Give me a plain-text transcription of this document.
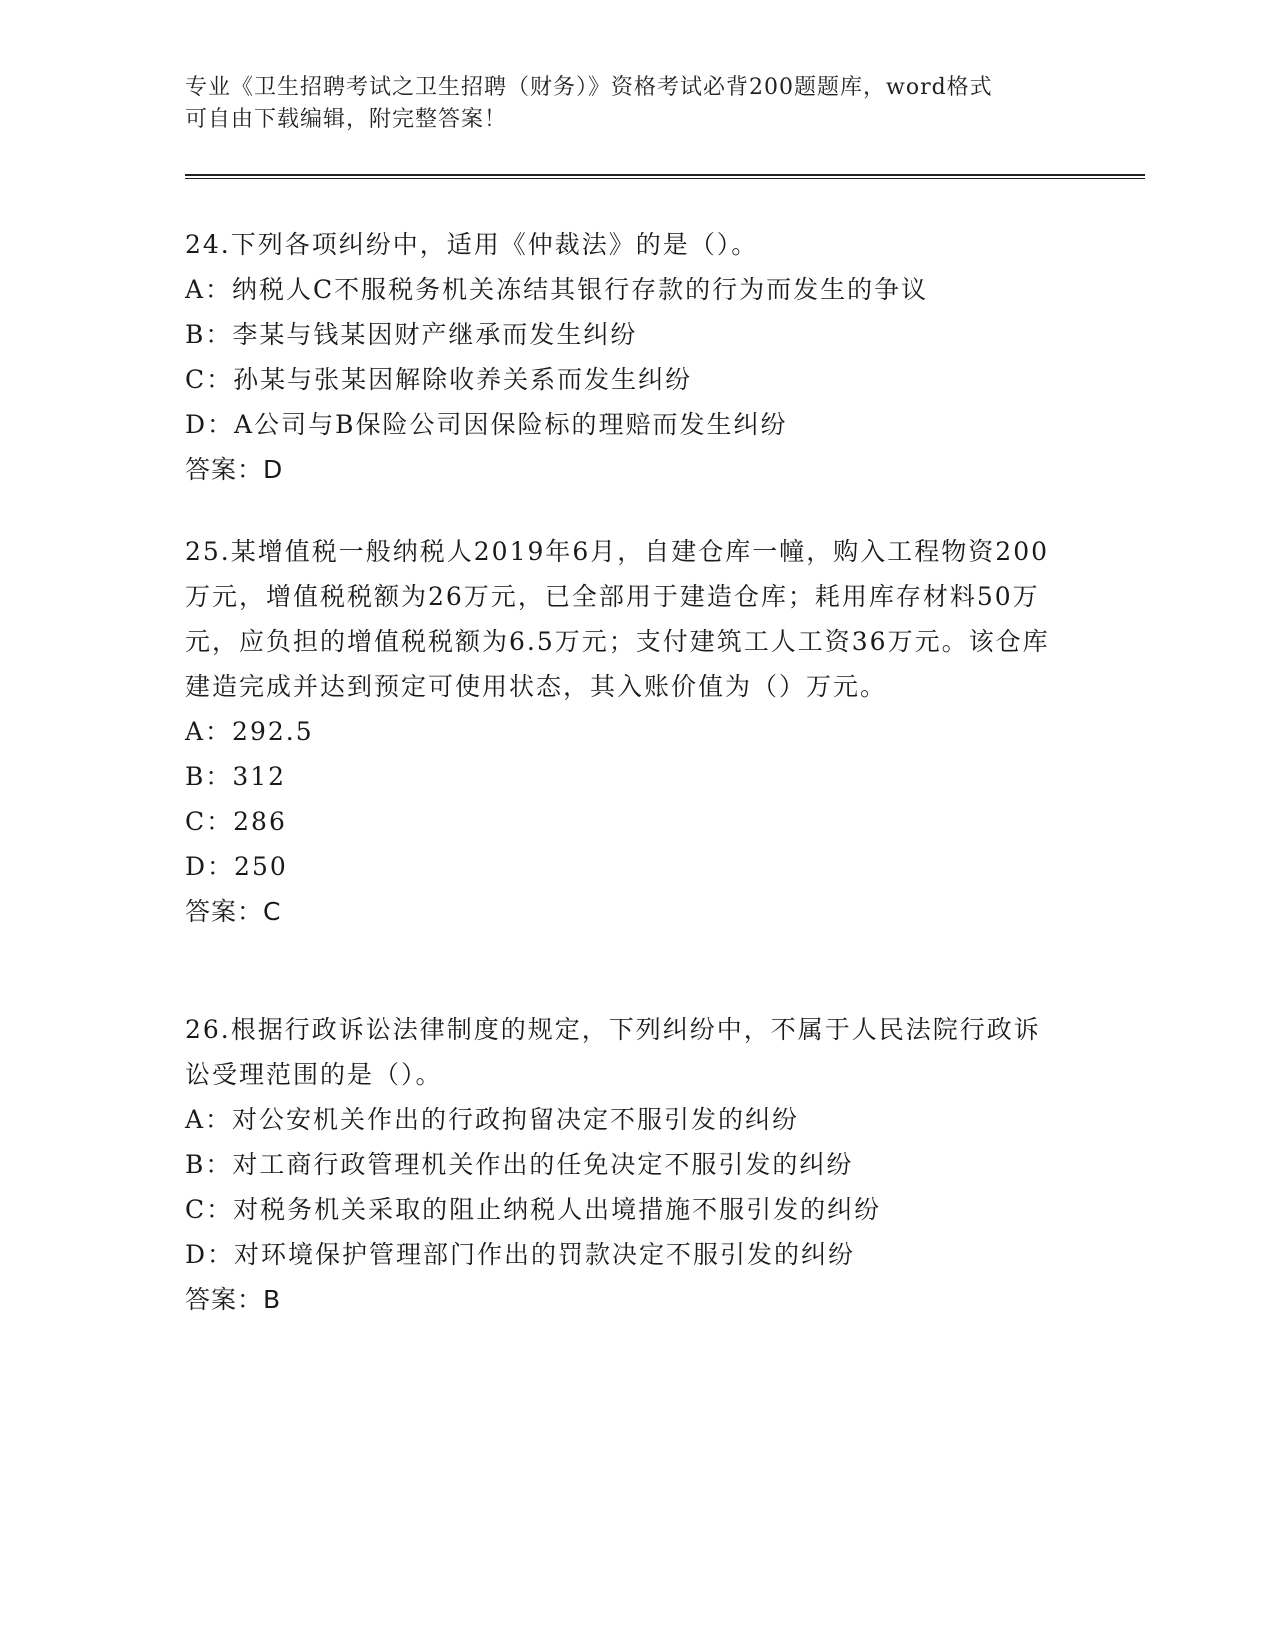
专业《卫生招聘考试之卫生招聘（财务）》资格考试必背200题题库，word格式
可自由下载编辑，附完整答案！

24.下列各项纠纷中，适用《仲裁法》的是（）。

A：纳税人C不服税务机关冻结其银行存款的行为而发生的争议

B：李某与钱某因财产继承而发生纠纷

C：孙某与张某因解除收养关系而发生纠纷

D：A公司与B保险公司因保险标的理赔而发生纠纷

答案：D

25.某增值税一般纳税人2019年6月，自建仓库一幢，购入工程物资200万元，增值税税额为26万元，已全部用于建造仓库；耗用库存材料50万元，应负担的增值税税额为6.5万元；支付建筑工人工资36万元。该仓库建造完成并达到预定可使用状态，其入账价值为（）万元。

A：292.5

B：312

C：286

D：250

答案：C

26.根据行政诉讼法律制度的规定，下列纠纷中，不属于人民法院行政诉讼受理范围的是（）。

A：对公安机关作出的行政拘留决定不服引发的纠纷

B：对工商行政管理机关作出的任免决定不服引发的纠纷

C：对税务机关采取的阻止纳税人出境措施不服引发的纠纷

D：对环境保护管理部门作出的罚款决定不服引发的纠纷

答案：B
